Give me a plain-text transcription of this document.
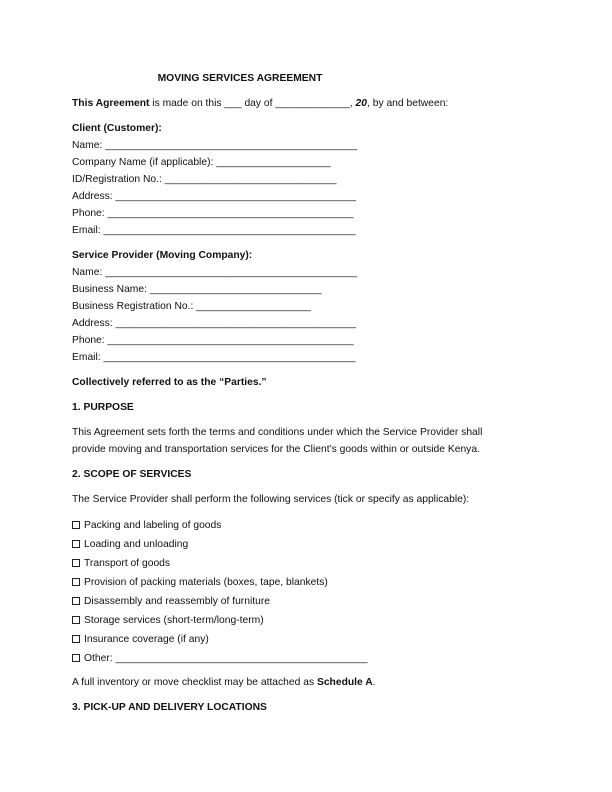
MOVING SERVICES AGREEMENT
This Agreement is made on this ___ day of _____________, 20, by and between:
Client (Customer):
Name: ____________________________________________
Company Name (if applicable): ____________________
ID/Registration No.: ______________________________
Address: __________________________________________
Phone: ___________________________________________
Email: ____________________________________________
Service Provider (Moving Company):
Name: ____________________________________________
Business Name: ______________________________
Business Registration No.: ____________________
Address: __________________________________________
Phone: ___________________________________________
Email: ____________________________________________
Collectively referred to as the “Parties.”
1. PURPOSE
This Agreement sets forth the terms and conditions under which the Service Provider shall
provide moving and transportation services for the Client’s goods within or outside Kenya.
2. SCOPE OF SERVICES
The Service Provider shall perform the following services (tick or specify as applicable):
Packing and labeling of goods
Loading and unloading
Transport of goods
Provision of packing materials (boxes, tape, blankets)
Disassembly and reassembly of furniture
Storage services (short-term/long-term)
Insurance coverage (if any)
Other: ____________________________________________
A full inventory or move checklist may be attached as Schedule A.
3. PICK-UP AND DELIVERY LOCATIONS
